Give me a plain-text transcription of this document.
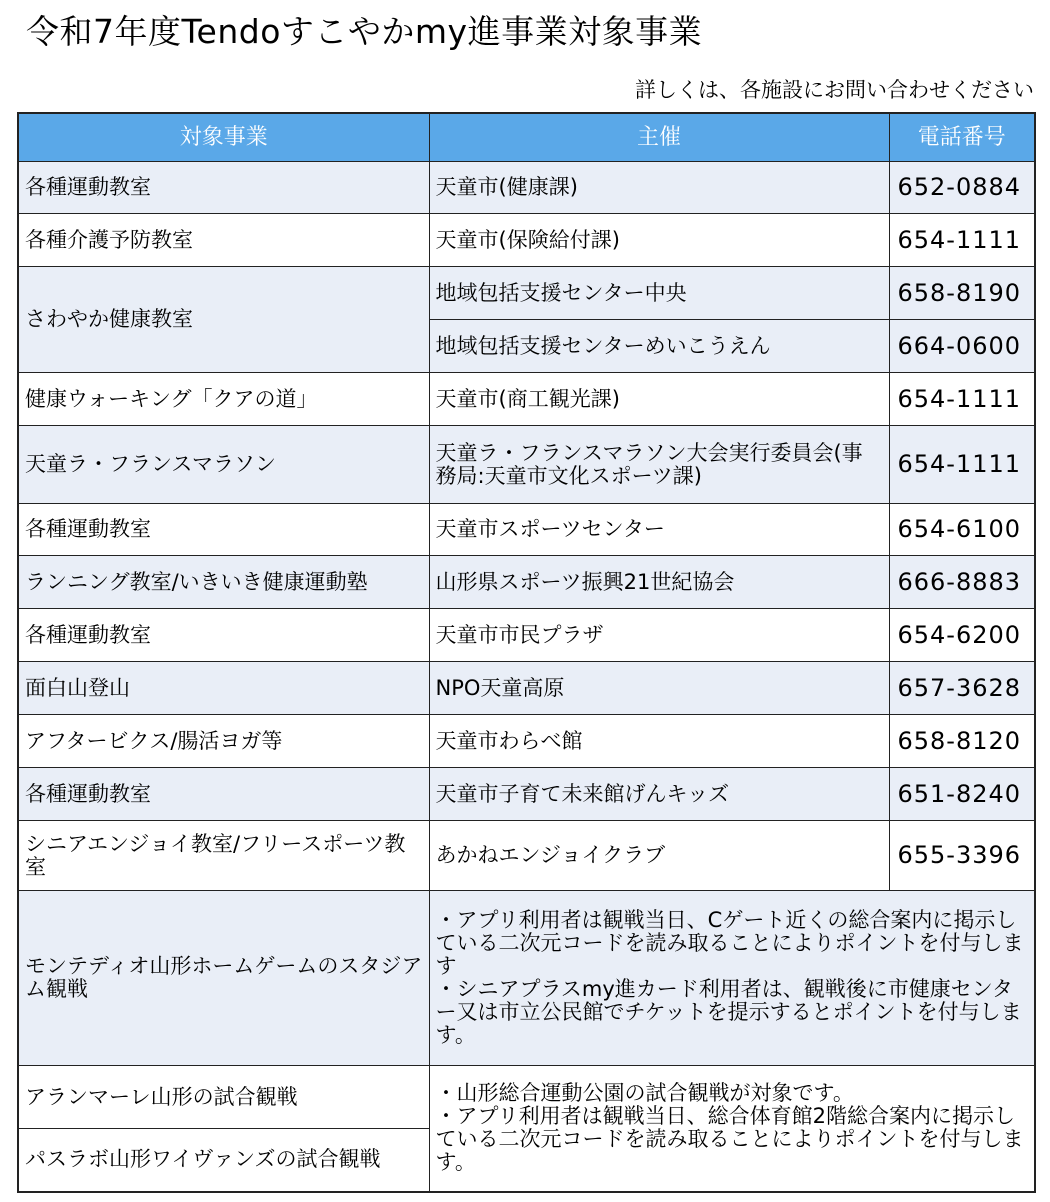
令和7年度Tendoすこやかmy進事業対象事業
詳しくは、各施設にお問い合わせください
対象事業	主催	電話番号
各種運動教室	天童市(健康課)	652-0884
各種介護予防教室	天童市(保険給付課)	654-1111
さわやか健康教室	地域包括支援センター中央	658-8190
	地域包括支援センターめいこうえん	664-0600
健康ウォーキング「クアの道」	天童市(商工観光課)	654-1111
天童ラ・フランスマラソン	天童ラ・フランスマラソン大会実行委員会(事務局:天童市文化スポーツ課)	654-1111
各種運動教室	天童市スポーツセンター	654-6100
ランニング教室/いきいき健康運動塾	山形県スポーツ振興21世紀協会	666-8883
各種運動教室	天童市市民プラザ	654-6200
面白山登山	NPO天童高原	657-3628
アフタービクス/腸活ヨガ等	天童市わらべ館	658-8120
各種運動教室	天童市子育て未来館げんキッズ	651-8240
シニアエンジョイ教室/フリースポーツ教室	あかねエンジョイクラブ	655-3396
モンテディオ山形ホームゲームのスタジアム観戦	・アプリ利用者は観戦当日、Cゲート近くの総合案内に掲示している二次元コードを読み取ることによりポイントを付与します
・シニアプラスmy進カード利用者は、観戦後に市健康センター又は市立公民館でチケットを提示するとポイントを付与します。	

アランマーレ山形の試合観戦	・山形総合運動公園の試合観戦が対象です。
・アプリ利用者は観戦当日、総合体育館2階総合案内に掲示している二次元コードを読み取ることによりポイントを付与します。	

パスラボ山形ワイヴァンズの試合観戦		
